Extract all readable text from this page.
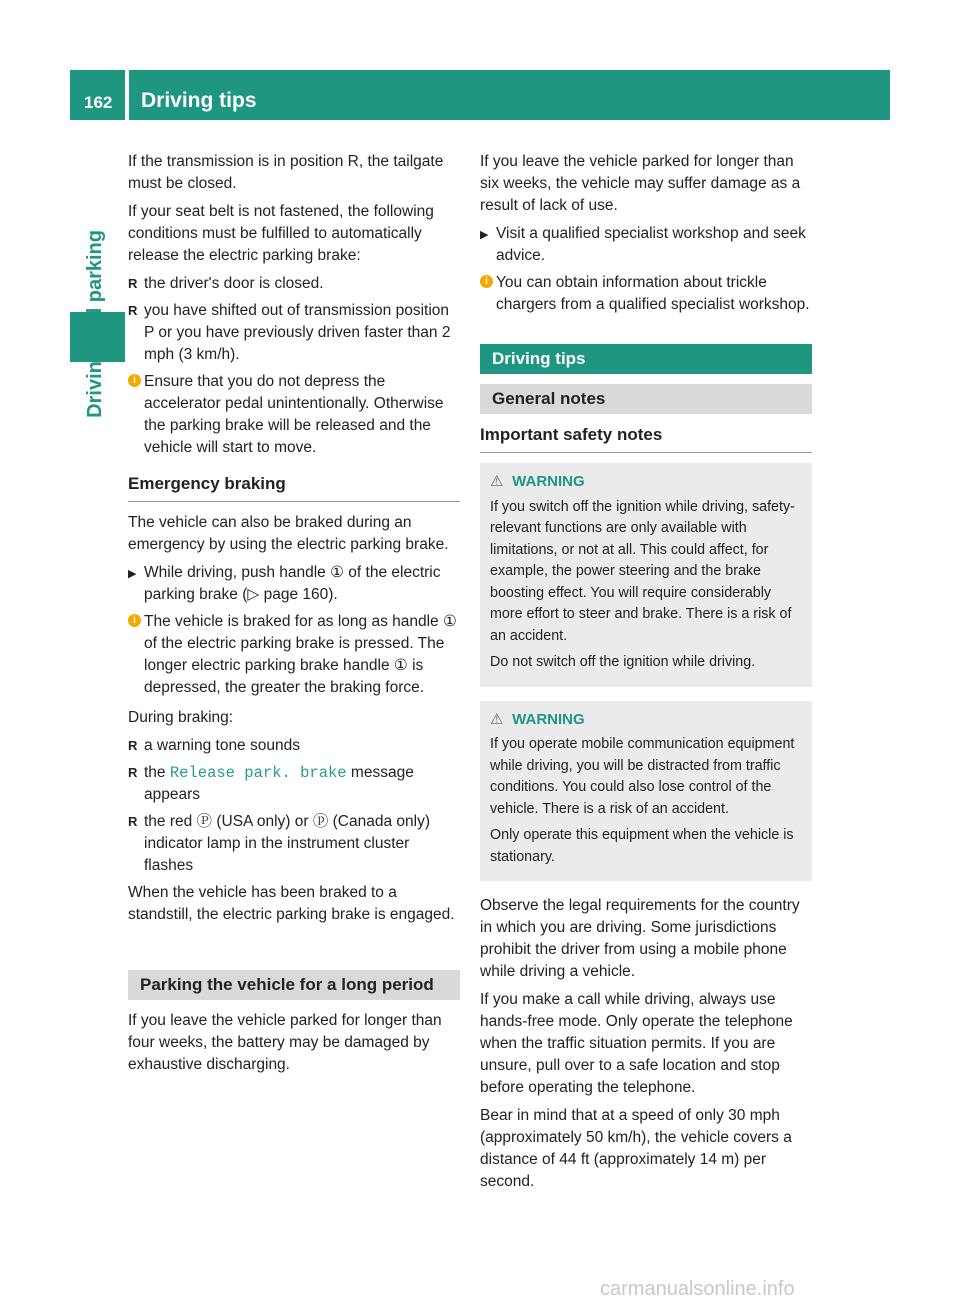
162 Driving tips

If the transmission is in position R, the tailgate must be closed.

If your seat belt is not fastened, the following conditions must be fulfilled to automatically release the electric parking brake:

R the driver's door is closed.
R you have shifted out of transmission position P or you have previously driven faster than 2 mph (3 km/h).
i Ensure that you do not depress the accelerator pedal unintentionally. Otherwise the parking brake will be released and the vehicle will start to move.
Emergency braking

The vehicle can also be braked during an emergency by using the electric parking brake.

▶ While driving, push handle ① of the electric parking brake (▷ page 160).
i The vehicle is braked for as long as handle ① of the electric parking brake is pressed. The longer electric parking brake handle ① is depressed, the greater the braking force.

During braking:

R a warning tone sounds
R the Release park. brake message appears
R the red Ⓟ (USA only) or ⓟ (Canada only) indicator lamp in the instrument cluster flashes

When the vehicle has been braked to a standstill, the electric parking brake is engaged.

Parking the vehicle for a long period

If you leave the vehicle parked for longer than four weeks, the battery may be damaged by exhaustive discharging.

If you leave the vehicle parked for longer than six weeks, the vehicle may suffer damage as a result of lack of use.

▶ Visit a qualified specialist workshop and seek advice.
i You can obtain information about trickle chargers from a qualified specialist workshop.
Driving tips
General notes
Important safety notes
⚠ WARNING

If you switch off the ignition while driving, safety-relevant functions are only available with limitations, or not at all. This could affect, for example, the power steering and the brake boosting effect. You will require considerably more effort to steer and brake. There is a risk of an accident.

Do not switch off the ignition while driving.

⚠ WARNING

If you operate mobile communication equipment while driving, you will be distracted from traffic conditions. You could also lose control of the vehicle. There is a risk of an accident.

Only operate this equipment when the vehicle is stationary.

Observe the legal requirements for the country in which you are driving. Some jurisdictions prohibit the driver from using a mobile phone while driving a vehicle.

If you make a call while driving, always use hands-free mode. Only operate the telephone when the traffic situation permits. If you are unsure, pull over to a safe location and stop before operating the telephone.

Bear in mind that at a speed of only 30 mph (approximately 50 km/h), the vehicle covers a distance of 44 ft (approximately 14 m) per second.

carmanualsonline.info
